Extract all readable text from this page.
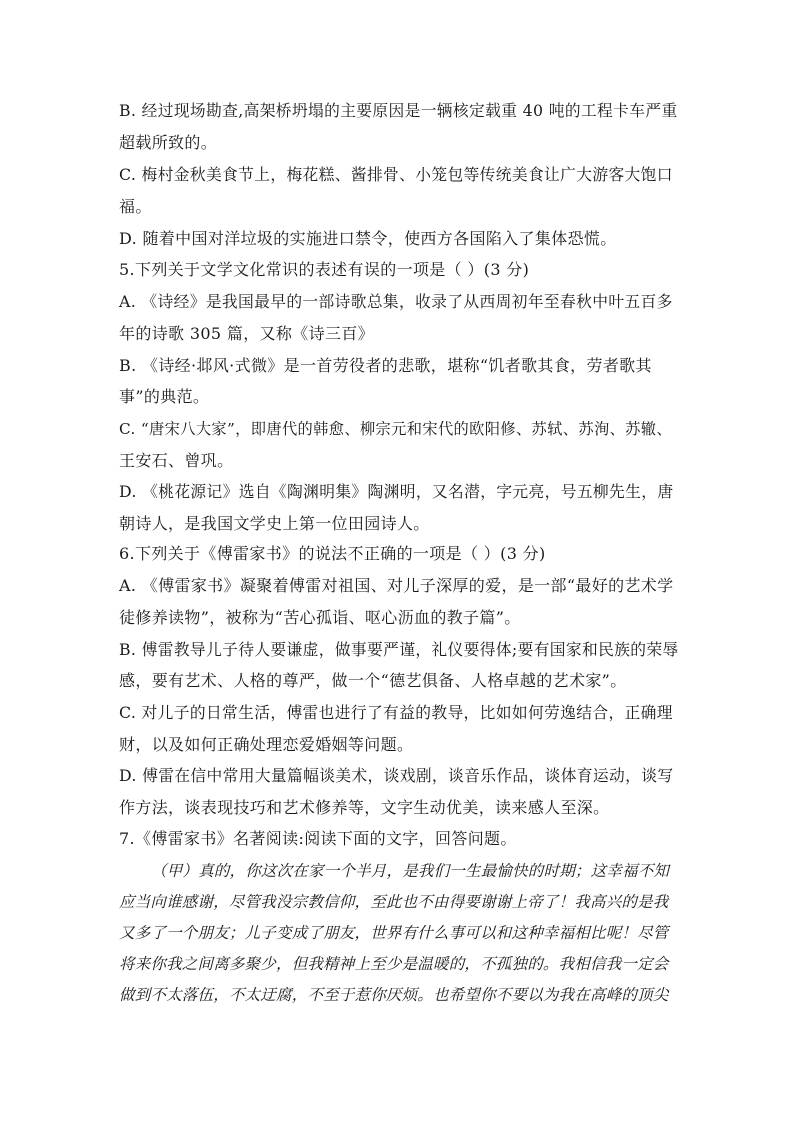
B. 经过现场勘查,高架桥坍塌的主要原因是一辆核定载重 40 吨的工程卡车严重
超载所致的。
C. 梅村金秋美食节上，梅花糕、酱排骨、小笼包等传统美食让广大游客大饱口
福。
D. 随着中国对洋垃圾的实施进口禁令，使西方各国陷入了集体恐慌。
5.下列关于文学文化常识的表述有误的一项是（ ）(3 分)
A. 《诗经》是我国最早的一部诗歌总集，收录了从西周初年至春秋中叶五百多
年的诗歌 305 篇，又称《诗三百》
B. 《诗经·邶风·式微》是一首劳役者的悲歌，堪称“饥者歌其食，劳者歌其
事”的典范。
C. “唐宋八大家”，即唐代的韩愈、柳宗元和宋代的欧阳修、苏轼、苏洵、苏辙、
王安石、曾巩。
D. 《桃花源记》选自《陶渊明集》陶渊明，又名潜，字元亮，号五柳先生，唐
朝诗人，是我国文学史上第一位田园诗人。
6.下列关于《傅雷家书》的说法不正确的一项是（ ）(3 分)
A. 《傅雷家书》凝聚着傅雷对祖国、对儿子深厚的爱，是一部“最好的艺术学
徒修养读物”，被称为“苦心孤诣、呕心沥血的教子篇”。
B. 傅雷教导儿子待人要谦虚，做事要严谨，礼仪要得体;要有国家和民族的荣辱
感，要有艺术、人格的尊严，做一个“德艺俱备、人格卓越的艺术家”。
C. 对儿子的日常生活，傅雷也进行了有益的教导，比如如何劳逸结合，正确理
财，以及如何正确处理恋爱婚姻等问题。
D. 傅雷在信中常用大量篇幅谈美术，谈戏剧，谈音乐作品，谈体育运动，谈写
作方法，谈表现技巧和艺术修养等，文字生动优美，读来感人至深。
7.《傅雷家书》名著阅读:阅读下面的文字，回答问题。
（甲）真的，你这次在家一个半月，是我们一生最愉快的时期；这幸福不知
应当向谁感谢，尽管我没宗教信仰，至此也不由得要谢谢上帝了！我高兴的是我
又多了一个朋友；儿子变成了朋友，世界有什么事可以和这种幸福相比呢！尽管
将来你我之间离多聚少，但我精神上至少是温暖的，不孤独的。我相信我一定会
做到不太落伍，不太迂腐，不至于惹你厌烦。也希望你不要以为我在高峰的顶尖
